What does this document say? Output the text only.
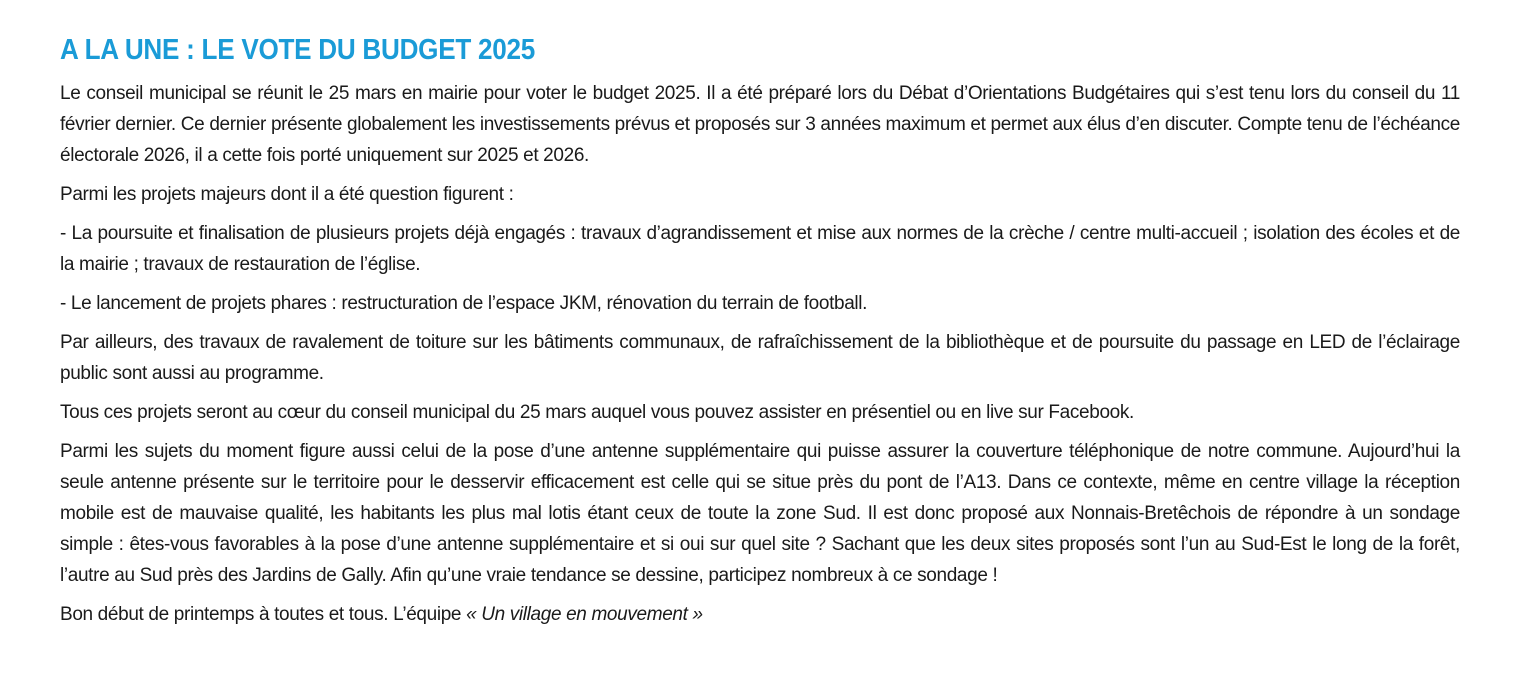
A LA UNE : LE VOTE DU BUDGET 2025

Le conseil municipal se réunit le 25 mars en mairie pour voter le budget 2025. Il a été préparé lors du Débat d’Orientations Budgétaires qui s’est tenu lors du conseil du 11 février dernier. Ce dernier présente globalement les investissements prévus et proposés sur 3 années maximum et permet aux élus d’en discuter. Compte tenu de l’échéance électorale 2026, il a cette fois porté uniquement sur 2025 et 2026.

Parmi les projets majeurs dont il a été question figurent :

- La poursuite et finalisation de plusieurs projets déjà engagés : travaux d’agrandissement et mise aux normes de la crèche / centre multi-accueil ; isolation des écoles et de la mairie ; travaux de restauration de l’église.

- Le lancement de projets phares : restructuration de l’espace JKM, rénovation du terrain de football.

Par ailleurs, des travaux de ravalement de toiture sur les bâtiments communaux, de rafraîchissement de la bibliothèque et de poursuite du passage en LED de l’éclairage public sont aussi au programme.

Tous ces projets seront au cœur du conseil municipal du 25 mars auquel vous pouvez assister en présentiel ou en live sur Facebook.

Parmi les sujets du moment figure aussi celui de la pose d’une antenne supplémentaire qui puisse assurer la couverture téléphonique de notre commune. Aujourd’hui la seule antenne présente sur le territoire pour le desservir efficacement est celle qui se situe près du pont de l’A13. Dans ce contexte, même en centre village la réception mobile est de mauvaise qualité, les habitants les plus mal lotis étant ceux de toute la zone Sud. Il est donc proposé aux Nonnais-Bretêchois de répondre à un sondage simple : êtes-vous favorables à la pose d’une antenne supplémentaire et si oui sur quel site ? Sachant que les deux sites proposés sont l’un au Sud-Est le long de la forêt, l’autre au Sud près des Jardins de Gally. Afin qu’une vraie tendance se dessine, participez nombreux à ce sondage !

Bon début de printemps à toutes et tous. L’équipe « Un village en mouvement »
